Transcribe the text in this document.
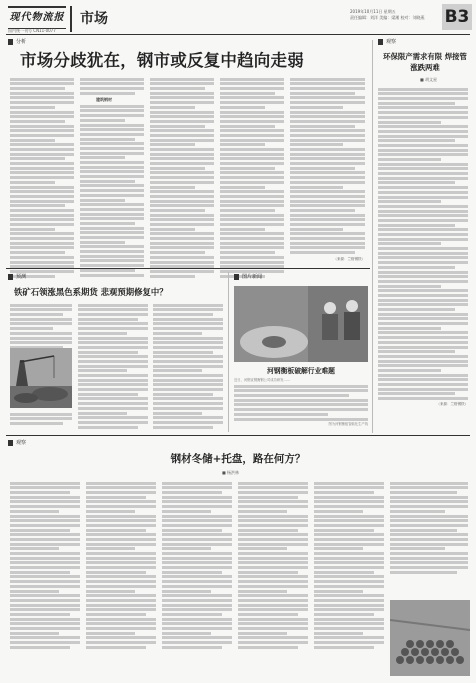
现代物流报
国内统一刊号 CN11-0077
市场	2019年10月11日 星期五
责任编辑：刘洋 美编：梁湘 校对：刘晓燕	B3
分析
市场分歧犹在，钢市或反复中趋向走弱
建筑钢材
（来源：兰格钢铁）
观察
环保限产需求有限 焊接管涨跌两难
■ 胡文星
（来源：兰格钢铁）
预测
铁矿石领涨黑色系期货 悲观预期修复中？
图片新闻
河钢衡板破解行业难题
近日，河钢宣钢衡钢公司成功研发……
图为河钢衡板智能化生产线
观察
钢材冬储+托盘，路在何方？
■ 杨洪林
